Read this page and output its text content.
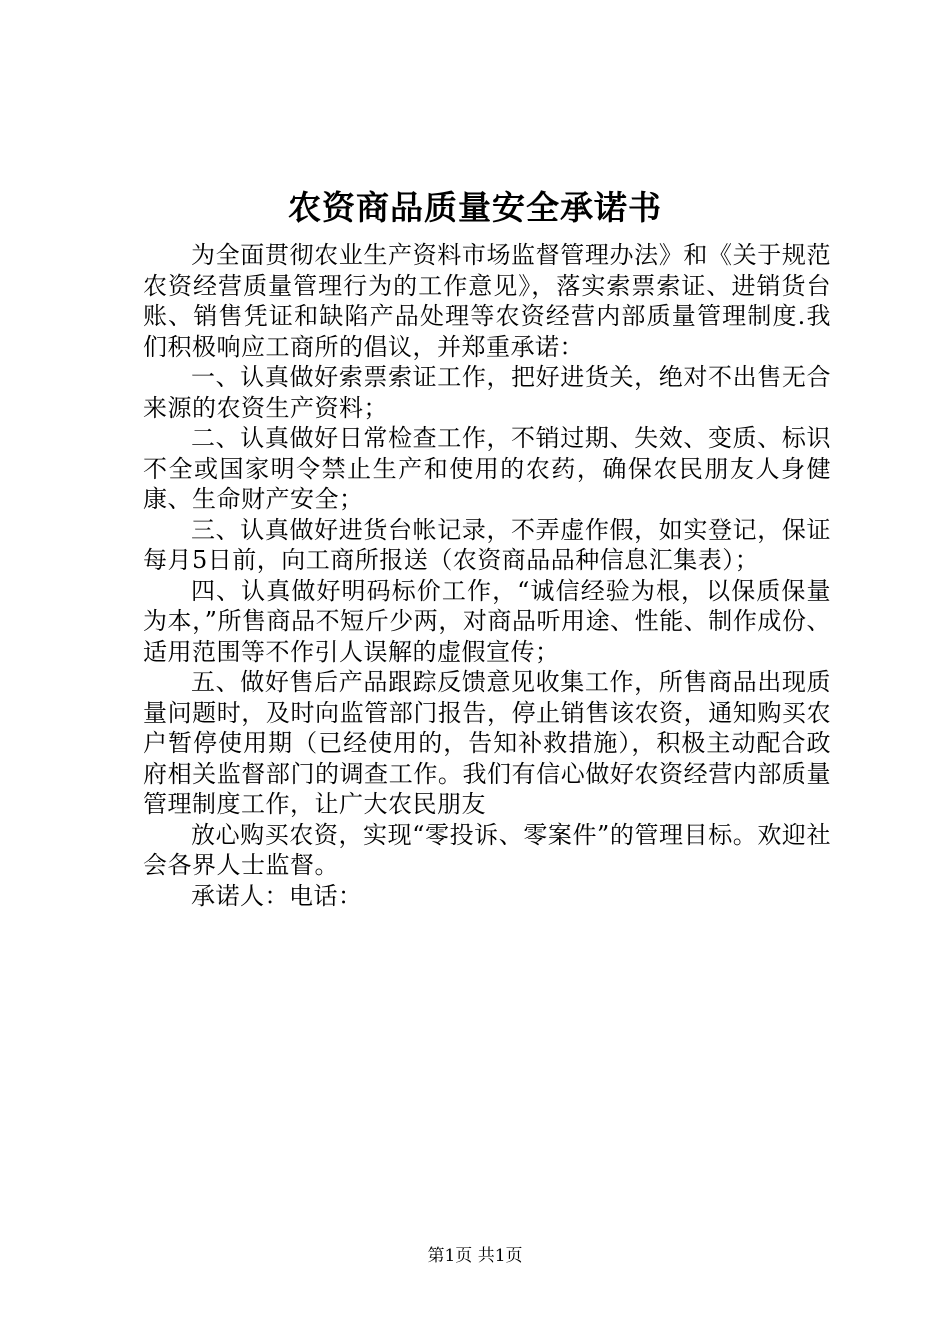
农资商品质量安全承诺书

为全面贯彻农业生产资料市场监督管理办法》和《关于规范农资经营质量管理行为的工作意见》，落实索票索证、进销货台账、销售凭证和缺陷产品处理等农资经营内部质量管理制度.我们积极响应工商所的倡议，并郑重承诺：

一、认真做好索票索证工作，把好进货关，绝对不出售无合来源的农资生产资料；

二、认真做好日常检查工作，不销过期、失效、变质、标识不全或国家明令禁止生产和使用的农药，确保农民朋友人身健康、生命财产安全；

三、认真做好进货台帐记录，不弄虚作假，如实登记，保证每月5日前，向工商所报送（农资商品品种信息汇集表）；

四、认真做好明码标价工作，“诚信经验为根，以保质保量为本，”所售商品不短斤少两，对商品听用途、性能、制作成份、适用范围等不作引人误解的虚假宣传；

五、做好售后产品跟踪反馈意见收集工作，所售商品出现质量问题时，及时向监管部门报告，停止销售该农资，通知购买农户暂停使用期（已经使用的，告知补救措施），积极主动配合政府相关监督部门的调查工作。我们有信心做好农资经营内部质量管理制度工作，让广大农民朋友

放心购买农资，实现“零投诉、零案件”的管理目标。欢迎社会各界人士监督。

承诺人：电话：

第1页 共1页
